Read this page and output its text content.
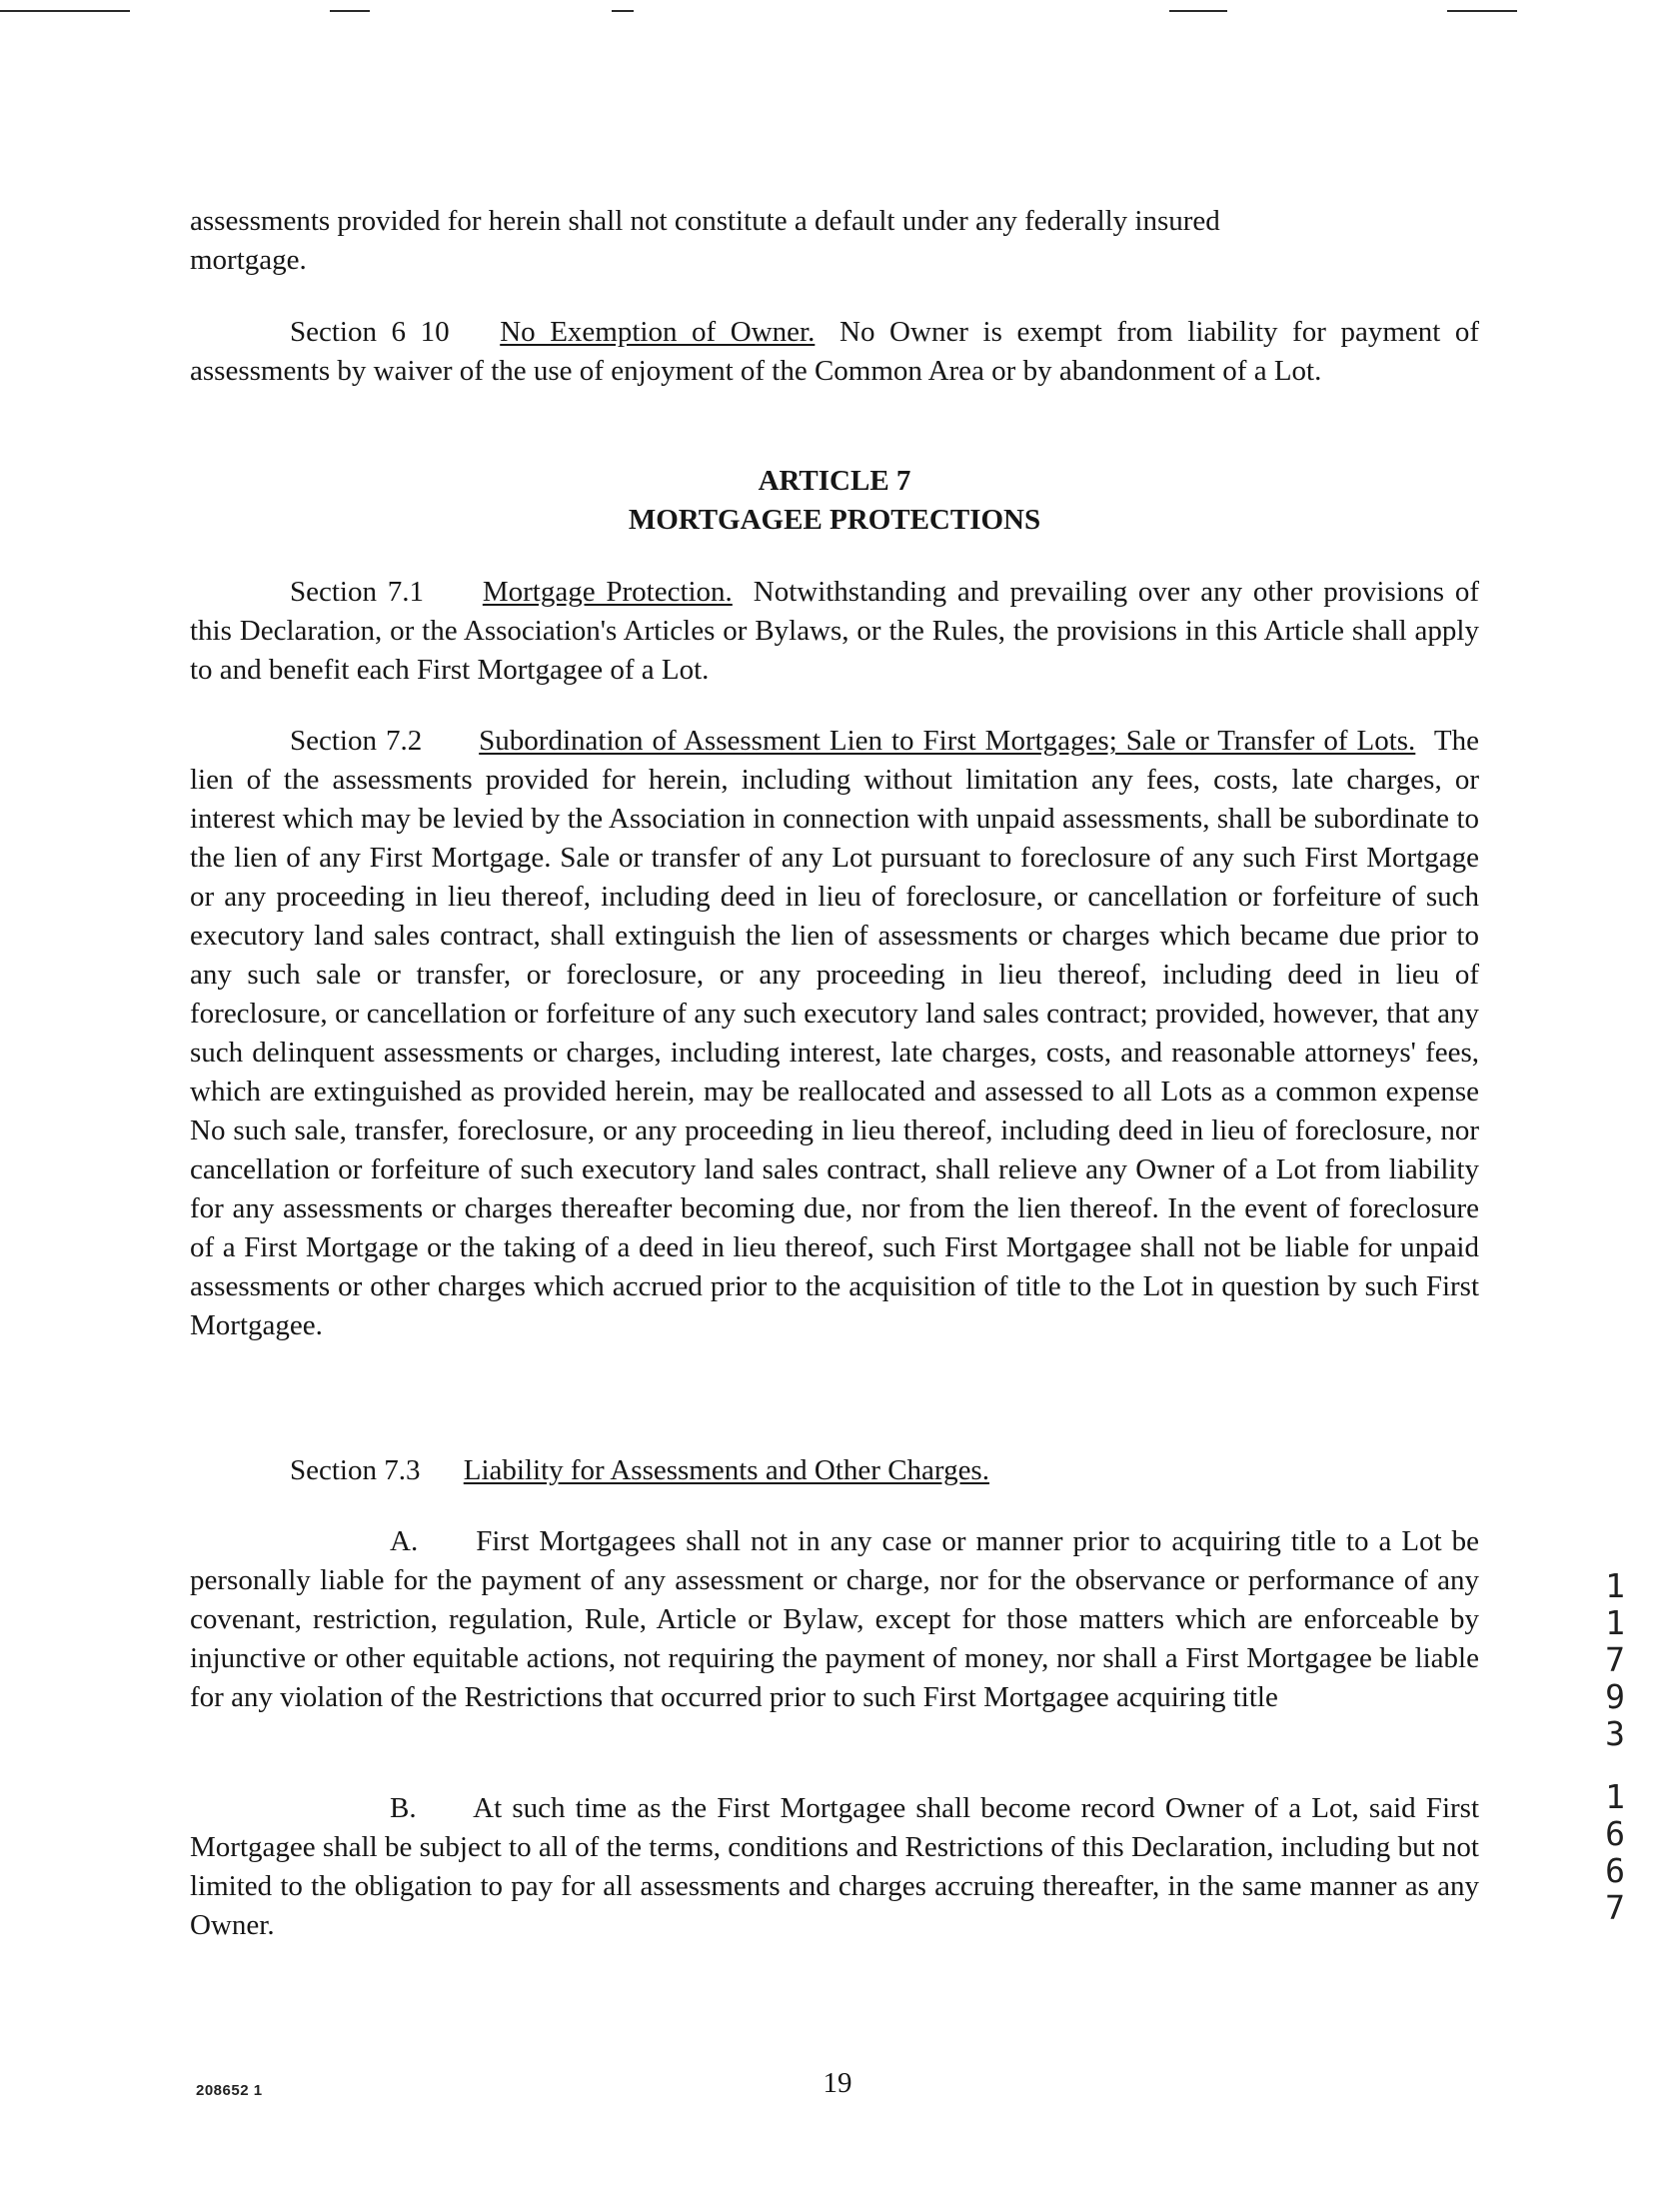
assessments provided for herein shall not constitute a default under any federally insured
mortgage.

Section 6 10 No Exemption of Owner. No Owner is exempt from liability for payment of assessments by waiver of the use of enjoyment of the Common Area or by abandonment of a Lot.

ARTICLE 7
MORTGAGEE PROTECTIONS

Section 7.1 Mortgage Protection. Notwithstanding and prevailing over any other provisions of this Declaration, or the Association's Articles or Bylaws, or the Rules, the provisions in this Article shall apply to and benefit each First Mortgagee of a Lot.

Section 7.2 Subordination of Assessment Lien to First Mortgages; Sale or Transfer of Lots. The lien of the assessments provided for herein, including without limitation any fees, costs, late charges, or interest which may be levied by the Association in connection with unpaid assessments, shall be subordinate to the lien of any First Mortgage. Sale or transfer of any Lot pursuant to foreclosure of any such First Mortgage or any proceeding in lieu thereof, including deed in lieu of foreclosure, or cancellation or forfeiture of such executory land sales contract, shall extinguish the lien of assessments or charges which became due prior to any such sale or transfer, or foreclosure, or any proceeding in lieu thereof, including deed in lieu of foreclosure, or cancellation or forfeiture of any such executory land sales contract; provided, however, that any such delinquent assessments or charges, including interest, late charges, costs, and reasonable attorneys' fees, which are extinguished as provided herein, may be reallocated and assessed to all Lots as a common expense No such sale, transfer, foreclosure, or any proceeding in lieu thereof, including deed in lieu of foreclosure, nor cancellation or forfeiture of such executory land sales contract, shall relieve any Owner of a Lot from liability for any assessments or charges thereafter becoming due, nor from the lien thereof. In the event of foreclosure of a First Mortgage or the taking of a deed in lieu thereof, such First Mortgagee shall not be liable for unpaid assessments or other charges which accrued prior to the acquisition of title to the Lot in question by such First Mortgagee.

Section 7.3 Liability for Assessments and Other Charges.

A. First Mortgagees shall not in any case or manner prior to acquiring title to a Lot be personally liable for the payment of any assessment or charge, nor for the observance or performance of any covenant, restriction, regulation, Rule, Article or Bylaw, except for those matters which are enforceable by injunctive or other equitable actions, not requiring the payment of money, nor shall a First Mortgagee be liable for any violation of the Restrictions that occurred prior to such First Mortgagee acquiring title

B. At such time as the First Mortgagee shall become record Owner of a Lot, said First Mortgagee shall be subject to all of the terms, conditions and Restrictions of this Declaration, including but not limited to the obligation to pay for all assessments and charges accruing thereafter, in the same manner as any Owner.

1
1
7
9
3
1
6
6
7
208652 1	19
